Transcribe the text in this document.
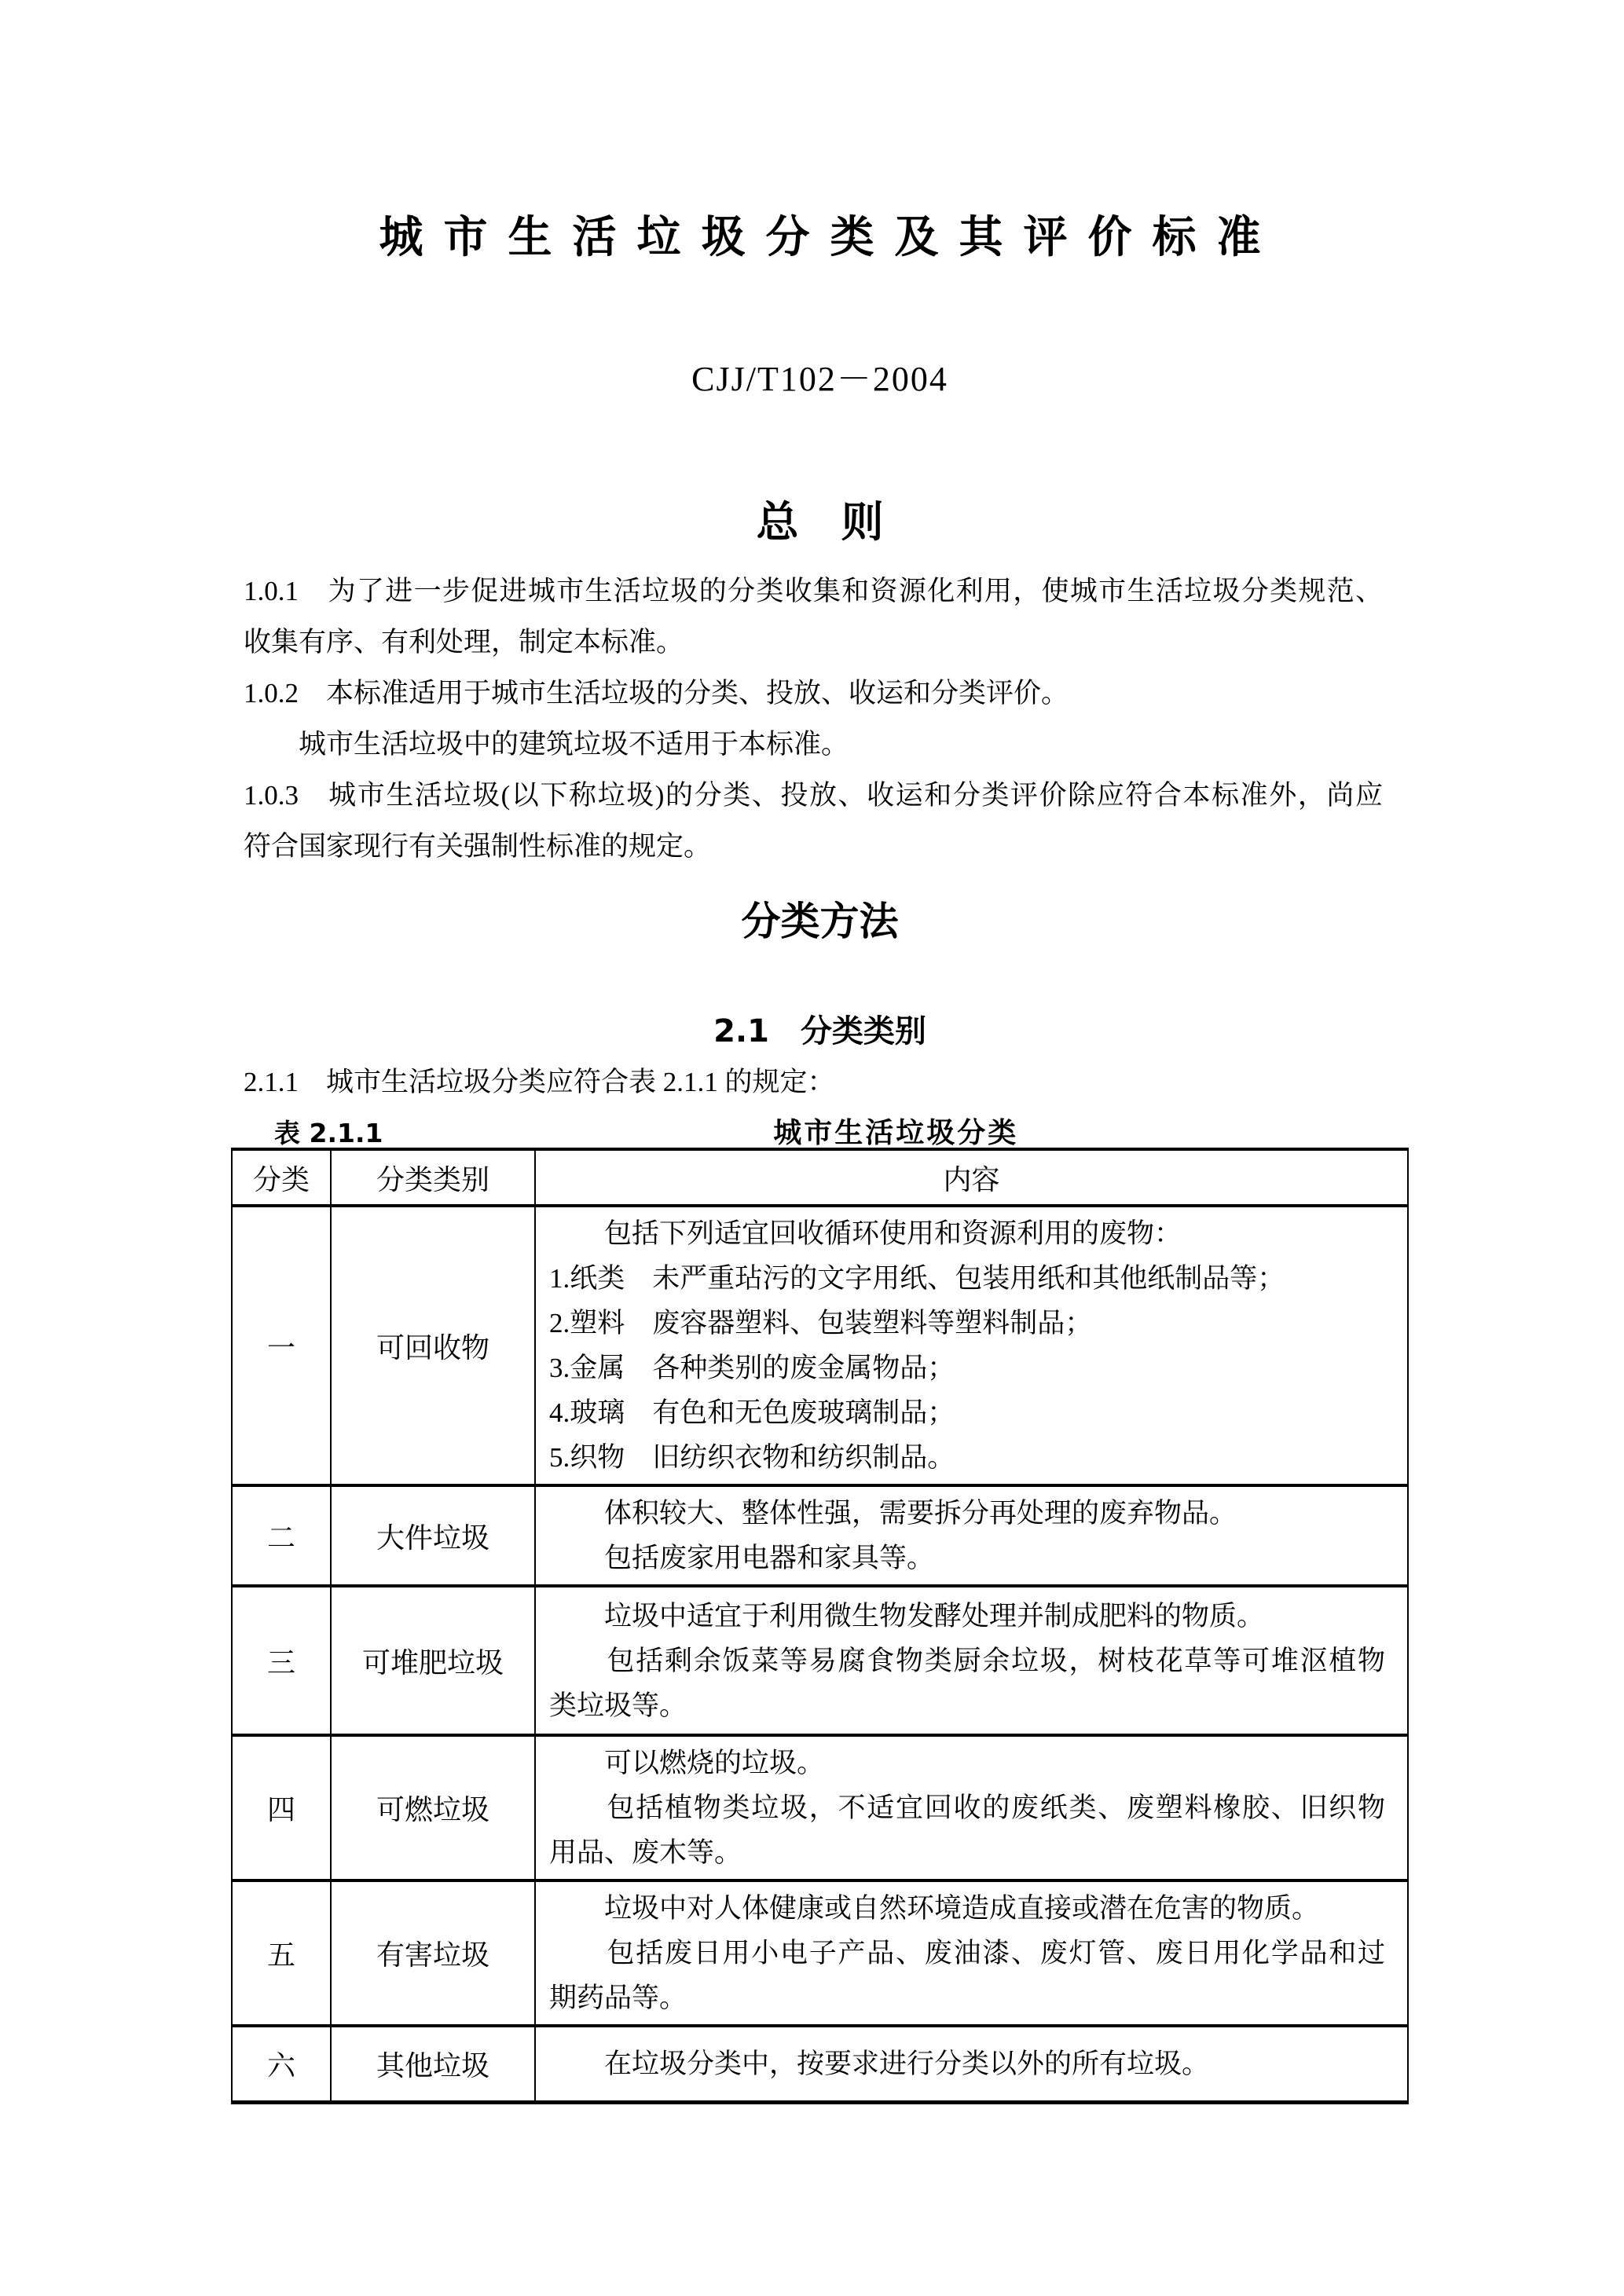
城市生活垃圾分类及其评价标准
CJJ/T102－2004
总　则
1.0.1　为了进一步促进城市生活垃圾的分类收集和资源化利用，使城市生活垃圾分类规范、
收集有序、有利处理，制定本标准。
1.0.2　本标准适用于城市生活垃圾的分类、投放、收运和分类评价。
　　城市生活垃圾中的建筑垃圾不适用于本标准。
1.0.3　城市生活垃圾(以下称垃圾)的分类、投放、收运和分类评价除应符合本标准外，尚应
符合国家现行有关强制性标准的规定。
分类方法
2.1　分类类别
2.1.1　城市生活垃圾分类应符合表 2.1.1 的规定：
表 2.1.1	城市生活垃圾分类
分类	分类类别	内容
一	可回收物	
　　包括下列适宜回收循环使用和资源利用的废物：
1.纸类　未严重玷污的文字用纸、包装用纸和其他纸制品等；
2.塑料　废容器塑料、包装塑料等塑料制品；
3.金属　各种类别的废金属物品；
4.玻璃　有色和无色废玻璃制品；
5.织物　旧纺织衣物和纺织制品。

二	大件垃圾	　　体积较大、整体性强，需要拆分再处理的废弃物品。
　　包括废家用电器和家具等。

三	可堆肥垃圾	　　垃圾中适宜于利用微生物发酵处理并制成肥料的物质。
　　包括剩余饭菜等易腐食物类厨余垃圾，树枝花草等可堆沤植物
类垃圾等。

四	可燃垃圾	　　可以燃烧的垃圾。
　　包括植物类垃圾，不适宜回收的废纸类、废塑料橡胶、旧织物
用品、废木等。

五	有害垃圾	　　垃圾中对人体健康或自然环境造成直接或潜在危害的物质。
　　包括废日用小电子产品、废油漆、废灯管、废日用化学品和过
期药品等。

六	其他垃圾	　　在垃圾分类中，按要求进行分类以外的所有垃圾。
